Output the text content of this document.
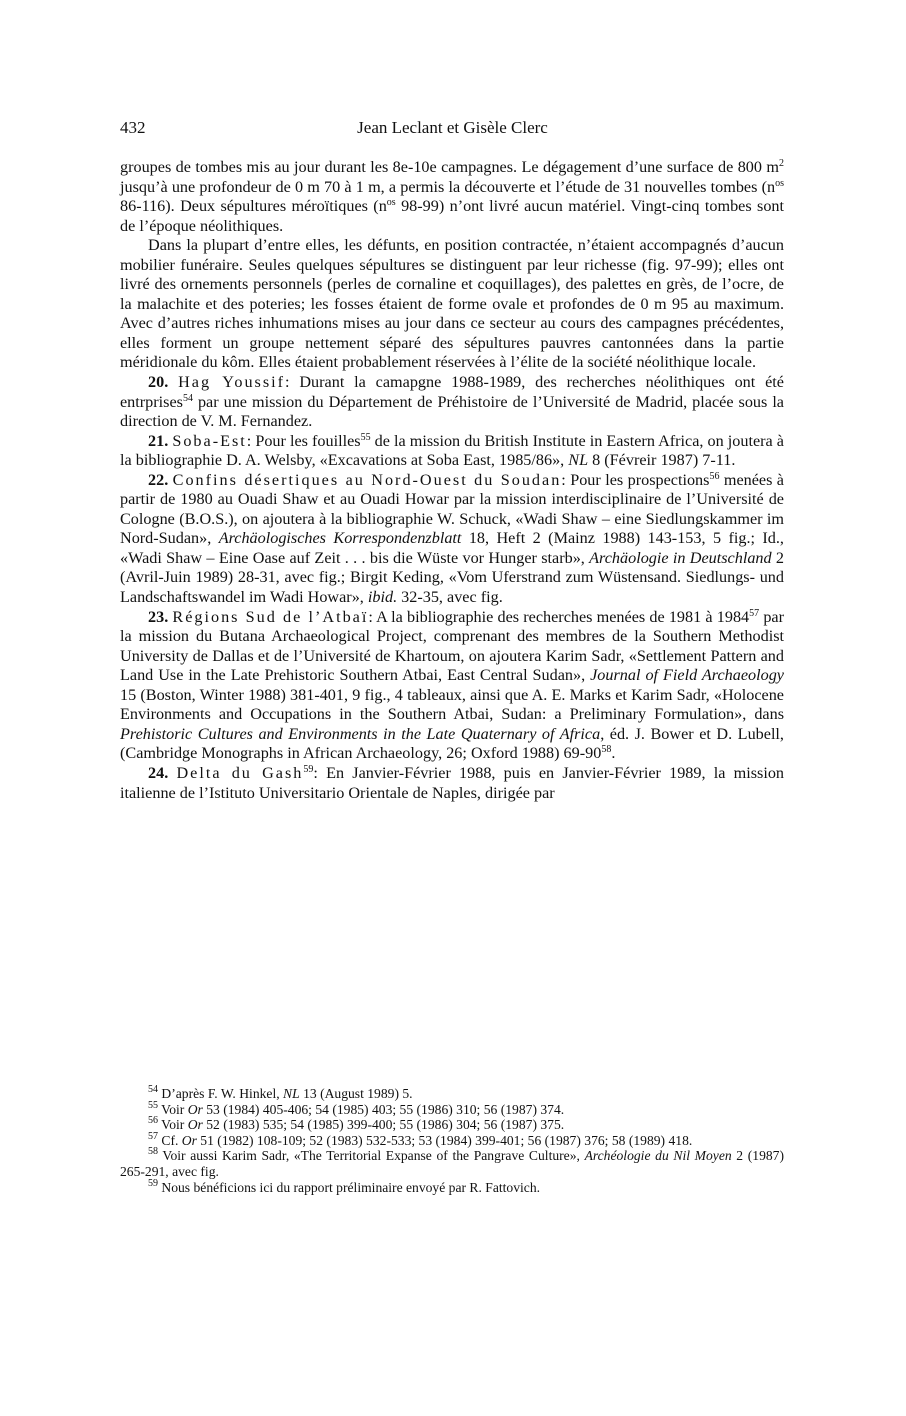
432	Jean Leclant et Gisèle Clerc

groupes de tombes mis au jour durant les 8e-10e campagnes. Le dégagement d’une surface de 800 $m^2$ jusqu’à une profondeur de 0 m 70 à 1 m, a permis la découverte et l’étude de 31 nouvelles tombes ($n^{os}$ 86-116). Deux sépultures méroïtiques ($n^{os}$ 98-99) n’ont livré aucun matériel. Vingt-cinq tombes sont de l’époque néolithiques.

Dans la plupart d’entre elles, les défunts, en position contractée, n’étaient accompagnés d’aucun mobilier funéraire. Seules quelques sépultures se distinguent par leur richesse (fig. 97-99); elles ont livré des ornements personnels (perles de cornaline et coquillages), des palettes en grès, de l’ocre, de la malachite et des poteries; les fosses étaient de forme ovale et profondes de 0 m 95 au maximum. Avec d’autres riches inhumations mises au jour dans ce secteur au cours des campagnes précédentes, elles forment un groupe nettement séparé des sépultures pauvres cantonnées dans la partie méridionale du kôm. Elles étaient probablement réservées à l’élite de la société néolithique locale.

20. Hag Youssif: Durant la camapgne 1988-1989, des recherches néolithiques ont été entrprises$^{54}$ par une mission du Département de Préhistoire de l’Université de Madrid, placée sous la direction de V. M. Fernandez.

21. Soba-Est: Pour les fouilles$^{55}$ de la mission du British Institute in Eastern Africa, on joutera à la bibliographie D. A. Welsby, «Excavations at Soba East, 1985/86», NL 8 (Févreir 1987) 7-11.

22. Confins désertiques au Nord-Ouest du Soudan: Pour les prospections$^{56}$ menées à partir de 1980 au Ouadi Shaw et au Ouadi Howar par la mission interdisciplinaire de l’Université de Cologne (B.O.S.), on ajoutera à la bibliographie W. Schuck, «Wadi Shaw – eine Siedlungskammer im Nord-Sudan», Archäologisches Korrespondenzblatt 18, Heft 2 (Mainz 1988) 143-153, 5 fig.; Id., «Wadi Shaw – Eine Oase auf Zeit . . . bis die Wüste vor Hunger starb», Archäologie in Deutschland 2 (Avril-Juin 1989) 28-31, avec fig.; Birgit Keding, «Vom Uferstrand zum Wüstensand. Siedlungs- und Landschaftswandel im Wadi Howar», ibid. 32-35, avec fig.

23. Régions Sud de l’Atbaï: A la bibliographie des recherches menées de 1981 à 1984$^{57}$ par la mission du Butana Archaeological Project, comprenant des membres de la Southern Methodist University de Dallas et de l’Université de Khartoum, on ajoutera Karim Sadr, «Settlement Pattern and Land Use in the Late Prehistoric Southern Atbai, East Central Sudan», Journal of Field Archaeology 15 (Boston, Winter 1988) 381-401, 9 fig., 4 tableaux, ainsi que A. E. Marks et Karim Sadr, «Holocene Environments and Occupations in the Southern Atbai, Sudan: a Preliminary Formulation», dans Prehistoric Cultures and Environments in the Late Quaternary of Africa, éd. J. Bower et D. Lubell, (Cambridge Monographs in African Archaeology, 26; Oxford 1988) $69-90^{58}$.

24. Delta du Gash$^{59}$: En Janvier-Février 1988, puis en Janvier-Février 1989, la mission italienne de l’Istituto Universitario Orientale de Naples, dirigée par

$^{54}$ D’après F. W. Hinkel, NL 13 (August 1989) 5.

$^{55}$ Voir Or 53 (1984) 405-406; 54 (1985) 403; 55 (1986) 310; 56 (1987) 374.

$^{56}$ Voir Or 52 (1983) 535; 54 (1985) 399-400; 55 (1986) 304; 56 (1987) 375.

$^{57}$ Cf. Or 51 (1982) 108-109; 52 (1983) 532-533; 53 (1984) 399-401; 56 (1987) 376; 58 (1989) 418.

$^{58}$ Voir aussi Karim Sadr, «The Territorial Expanse of the Pangrave Culture», Archéologie du Nil Moyen 2 (1987) 265-291, avec fig.

$^{59}$ Nous bénéficions ici du rapport préliminaire envoyé par R. Fattovich.
